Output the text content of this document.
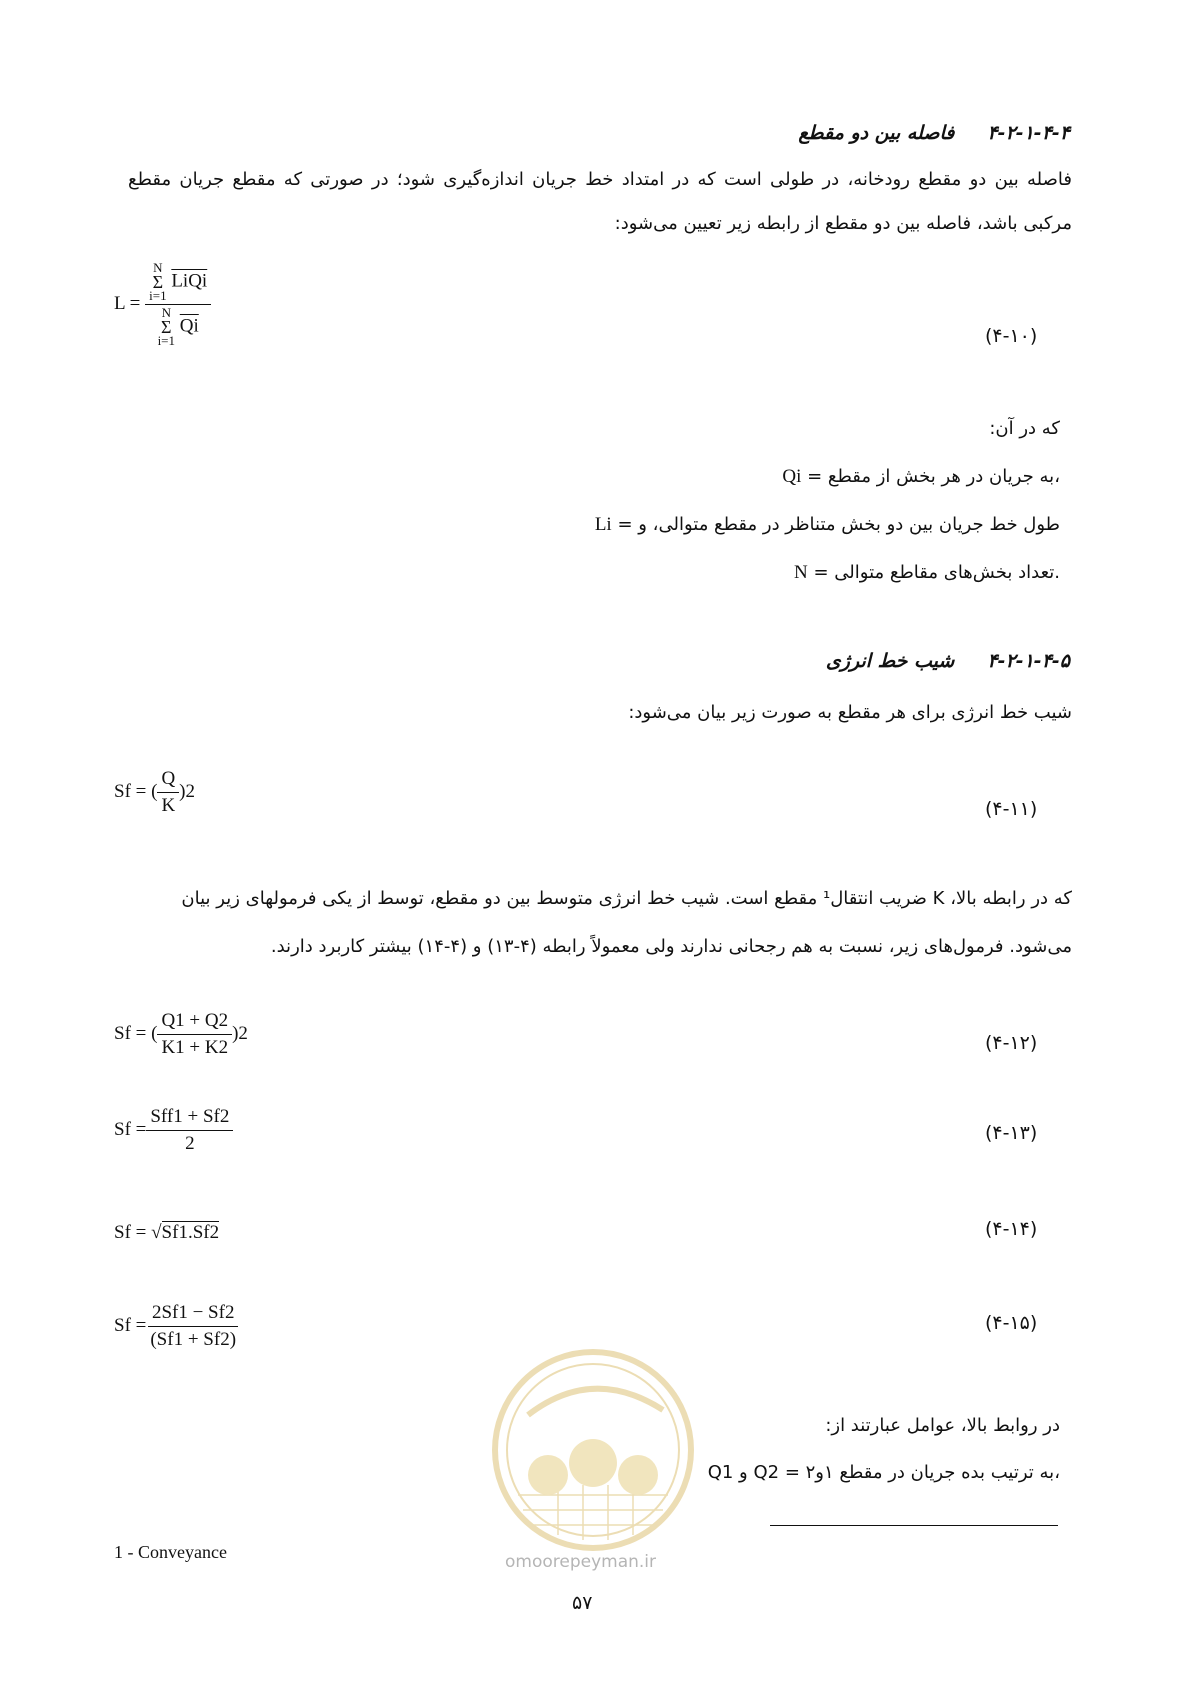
۴-۲-۱-۴-۴     فاصله بین دو مقطع
فاصله بین دو مقطع رودخانه، در طولی است که در امتداد خط جریان اندازه‌گیری شود؛ در صورتی که مقطع جریان مقطع مرکبی باشد، فاصله بین دو مقطع از رابطه زیر تعیین می‌شود:
L = N
Σ
i=1
LiQi
N
Σ
i=1
$\overline{Qi}$	(۴-۱۰)
که در آن:
Qi = به جریان در هر بخش از مقطع،
Li = طول خط جریان بین دو بخش متناظر در مقطع متوالی، و
N = تعداد بخش‌های مقاطع متوالی.
۴-۲-۱-۴-۵     شیب خط انرژی
شیب خط انرژی برای هر مقطع به صورت زیر بیان می‌شود:
Sf = ( $\frac{Q}{K} )2$
(۴-۱۱)
که در رابطه بالا، K ضریب انتقال¹ مقطع است. شیب خط انرژی متوسط بین دو مقطع، توسط از یکی فرمولهای زیر بیان
می‌شود. فرمول‌های زیر، نسبت به هم رجحانی ندارند ولی معمولاً رابطه (۴-۱۳) و (۴-۱۴) بیشتر کاربرد دارند.
Sf = ( $\frac{Q1 + Q2}{K1 + K2} )2$	(۴-۱۲)
$Sf = \frac{\text{Sff1 + Sf2}}{2}$	(۴-۱۳)
Sf = √Sf1.Sf2	(۴-۱۴)
$Sf = \frac{2Sf1 - Sf2}{(Sf1 + Sf2)}$	(۴-۱۵)
omoorepeyman.ir
در روابط بالا، عوامل عبارتند از:
Q1 و Q2 = به ترتیب بده جریان در مقطع ۱و۲،
1 - Conveyance
۵۷
